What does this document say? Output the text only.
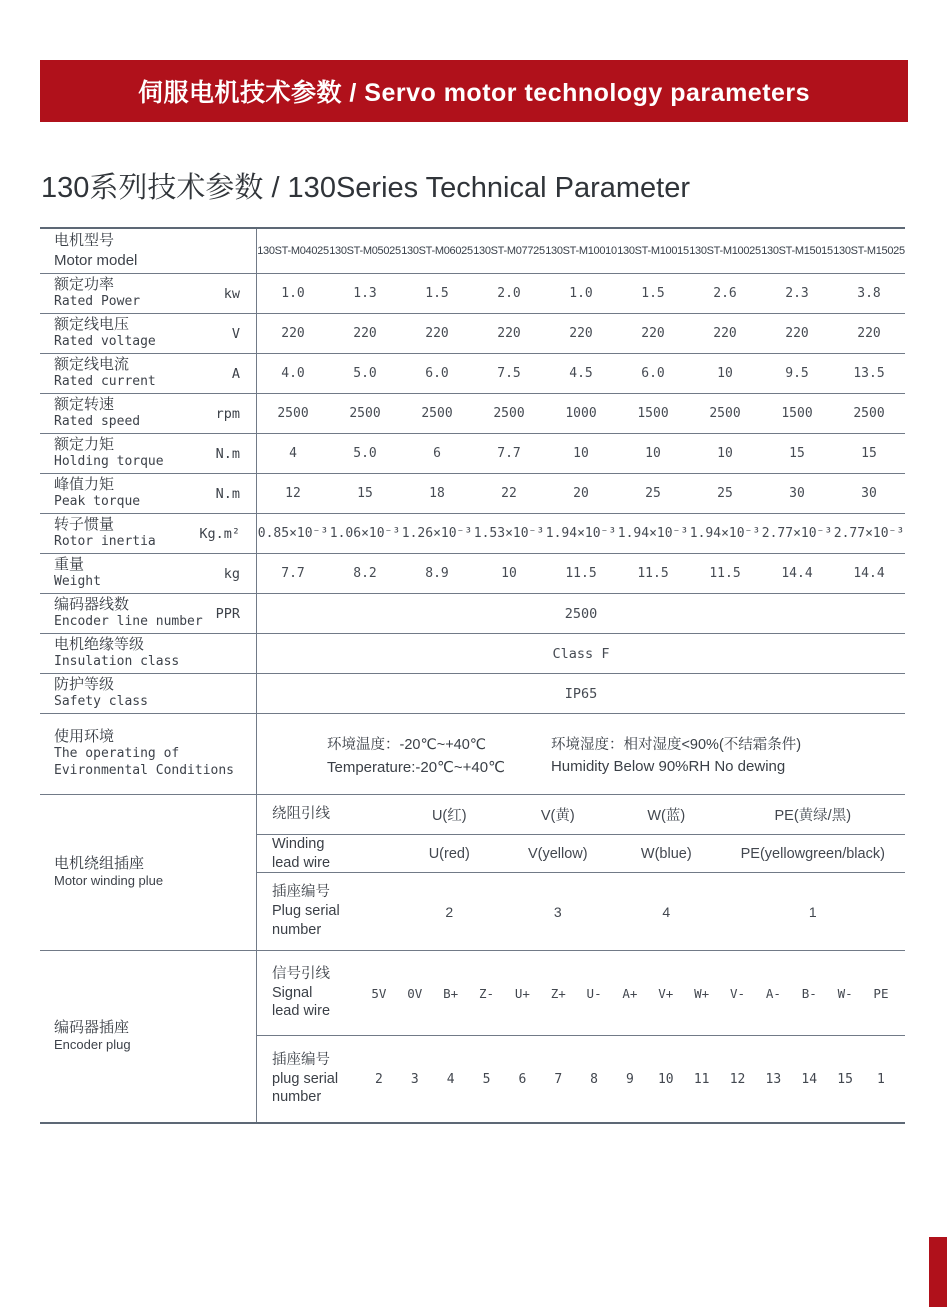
伺服电机技术参数 / Servo motor technology parameters
130系列技术参数 / 130Series Technical Parameter
电机型号
Motor model
130ST-M04025 130ST-M05025 130ST-M06025 130ST-M07725 130ST-M10010 130ST-M10015 130ST-M10025 130ST-M15015 130ST-M15025
额定功率
Rated Power
kw	1.0	1.3	1.5	2.0	1.0	1.5	2.6	2.3	3.8
额定线电压
Rated voltage
V	220	220	220	220	220	220	220	220	220
额定线电流
Rated current
A	4.0	5.0	6.0	7.5	4.5	6.0	10	9.5	13.5
额定转速
Rated speed
rpm	2500	2500	2500	2500	1000	1500	2500	1500	2500
额定力矩
Holding torque
N.m	4	5.0	6	7.7	10	10	10	15	15
峰值力矩
Peak torque
N.m	12	15	18	22	20	25	25	30	30
转子惯量
Rotor inertia
Kg.m² 0.85×10⁻³ 1.06×10⁻³ 1.26×10⁻³ 1.53×10⁻³ 1.94×10⁻³ 1.94×10⁻³ 1.94×10⁻³ 2.77×10⁻³ 2.77×10⁻³
重量
Weight
kg	7.7	8.2	8.9	10	11.5	11.5	11.5	14.4	14.4
编码器线数
Encoder line number
PPR	2500
电机绝缘等级
Insulation class
Class F
防护等级
Safety class
IP65
使用环境
The operating of
Evironmental Conditions
环境温度：-20℃~+40℃
Temperature:-20℃~+40℃
环境湿度：相对湿度<90%(不结霜条件)
Humidity Below 90%RH No dewing
电机绕组插座
Motor winding plue
绕阻引线	U(红)	V(黄)	W(蓝)	PE(黄绿/黑)
Winding
lead wire
U(red)	V(yellow)	W(blue)	PE(yellowgreen/black)
插座编号
Plug serial
number
2	3	4	1
编码器插座
Encoder plug
信号引线
Signal
lead wire
5V	0V	B+	Z-	U+	Z+	U-	A+	V+	W+	V-	A-	B-	W-	PE
插座编号
plug serial
number
2	3	4	5	6	7	8	9	10	11	12	13	14	15	1
